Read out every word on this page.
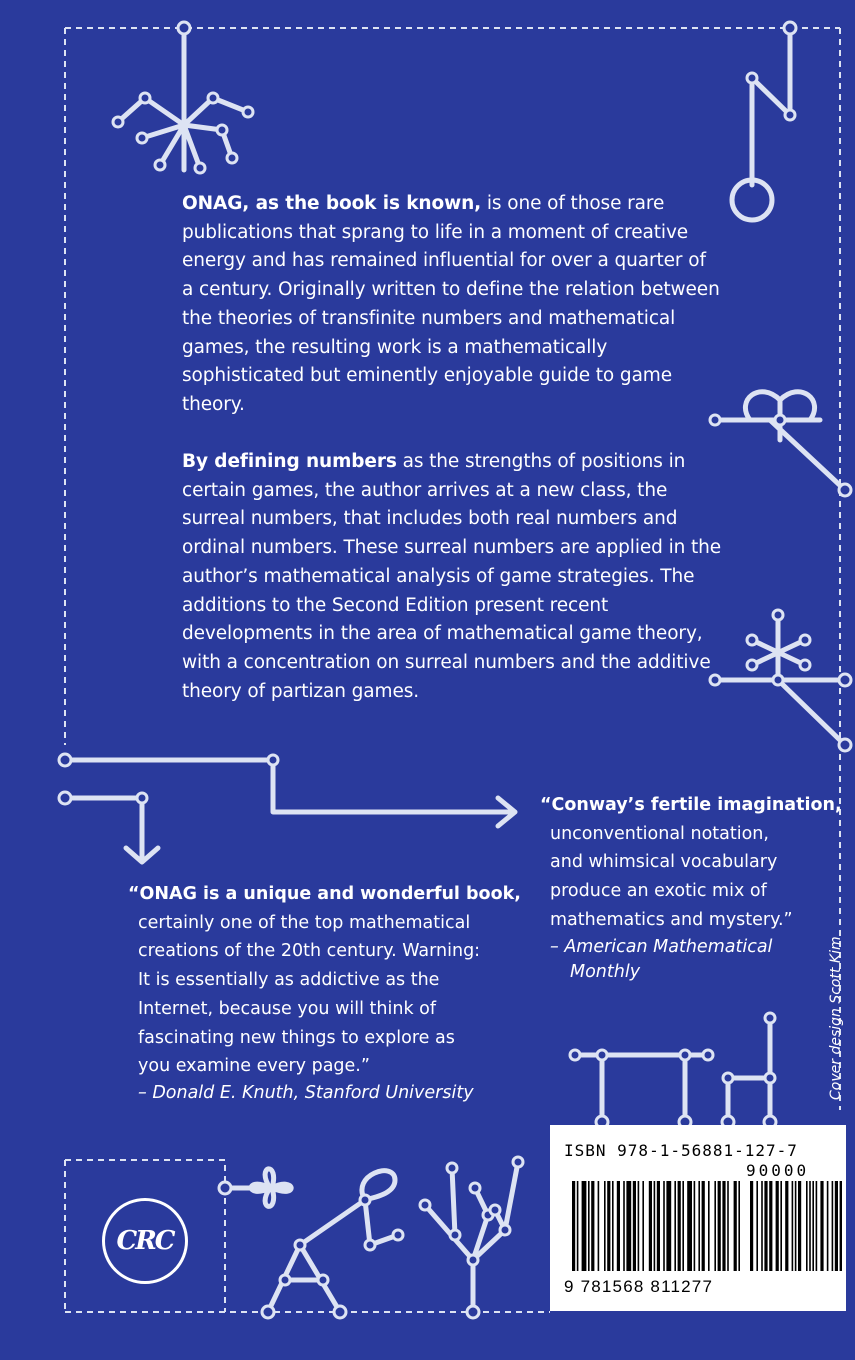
ONAG, as the book is known, is one of those rare publications that sprang to life in a moment of creative energy and has remained influential for over a quarter of a century. Originally written to define the relation between the theories of transfinite numbers and mathematical games, the resulting work is a mathematically sophisticated but eminently enjoyable guide to game theory.

By defining numbers as the strengths of positions in certain games, the author arrives at a new class, the surreal numbers, that includes both real numbers and ordinal numbers. These surreal numbers are applied in the author’s mathematical analysis of game strategies. The additions to the Second Edition present recent developments in the area of mathematical game theory, with a concentration on surreal numbers and the additive theory of partizan games.

“Conway’s fertile imagination,
unconventional notation,
and whimsical vocabulary
produce an exotic mix of
mathematics and mystery.”
– American Mathematical
Monthly
“ONAG is a unique and wonderful book,
certainly one of the top mathematical
creations of the 20th century. Warning:
It is essentially as addictive as the
Internet, because you will think of
fascinating new things to explore as
you examine every page.”
– Donald E. Knuth, Stanford University	Cover design Scott Kim
CRC
ISBN 978-1-56881-127-7
90000
9 781568 811277
